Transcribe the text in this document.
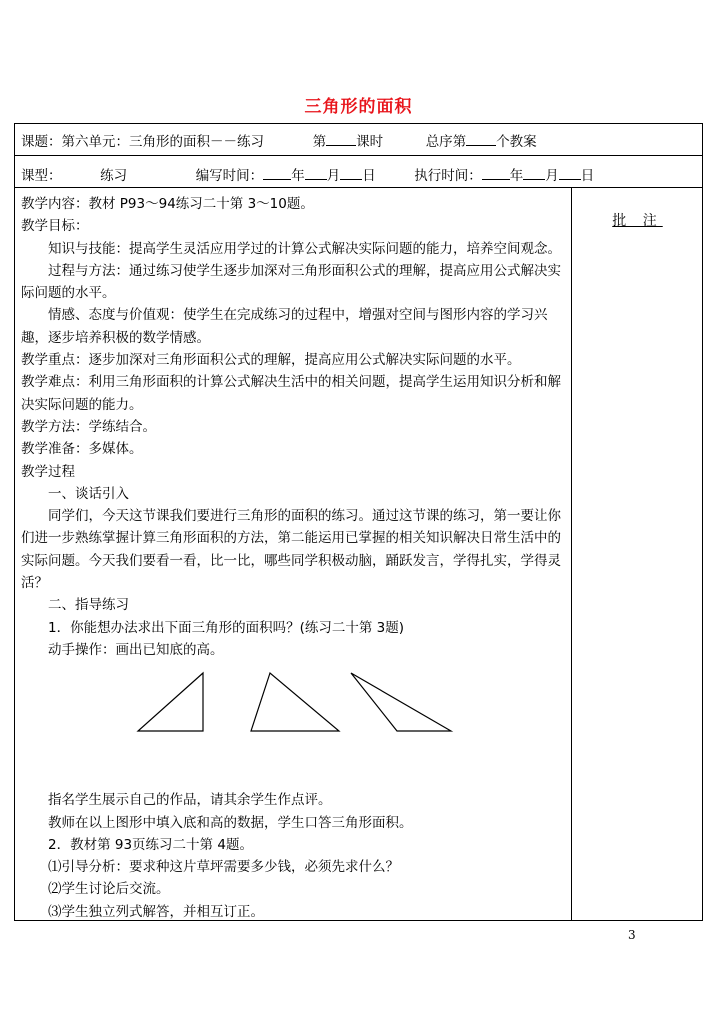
三角形的面积
课题：第六单元：三角形的面积－－练习	第 课时	总序第 个教案
课型：	练习	编写时间： 年 月 日	执行时间： 年 月 日
批 注

教学内容：教材 P93～94练习二十第 3～10题。

教学目标：

知识与技能：提高学生灵活应用学过的计算公式解决实际问题的能力，培养空间观念。

过程与方法：通过练习使学生逐步加深对三角形面积公式的理解，提高应用公式解决实际问题的水平。

情感、态度与价值观：使学生在完成练习的过程中，增强对空间与图形内容的学习兴趣，逐步培养积极的数学情感。

教学重点：逐步加深对三角形面积公式的理解，提高应用公式解决实际问题的水平。

教学难点：利用三角形面积的计算公式解决生活中的相关问题，提高学生运用知识分析和解决实际问题的能力。

教学方法：学练结合。

教学准备：多媒体。

教学过程

一、谈话引入

同学们，今天这节课我们要进行三角形的面积的练习。通过这节课的练习，第一要让你们进一步熟练掌握计算三角形面积的方法，第二能运用已掌握的相关知识解决日常生活中的实际问题。今天我们要看一看，比一比，哪些同学积极动脑，踊跃发言，学得扎实，学得灵活？

二、指导练习

1．你能想办法求出下面三角形的面积吗？(练习二十第 3题)

动手操作：画出已知底的高。

指名学生展示自己的作品，请其余学生作点评。

教师在以上图形中填入底和高的数据，学生口答三角形面积。

2．教材第 93页练习二十第 4题。

⑴引导分析：要求种这片草坪需要多少钱，必须先求什么？

⑵学生讨论后交流。

⑶学生独立列式解答，并相互订正。

3
